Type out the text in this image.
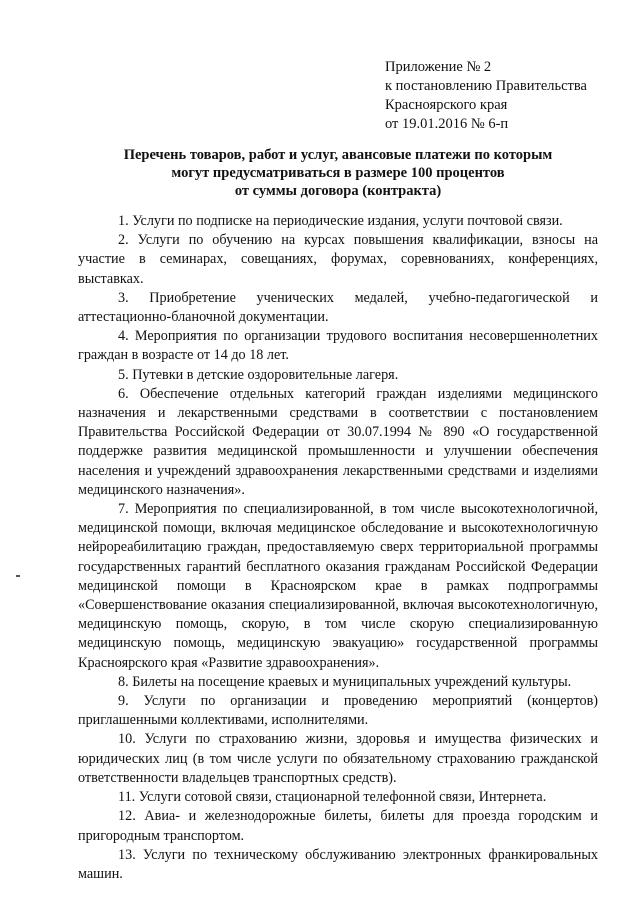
Приложение № 2
к постановлению Правительства
Красноярского края
от 19.01.2016 № 6-п
Перечень товаров, работ и услуг, авансовые платежи по которым
могут предусматриваться в размере 100 процентов
от суммы договора (контракта)

1. Услуги по подписке на периодические издания, услуги почтовой связи.

2. Услуги по обучению на курсах повышения квалификации, взносы на участие в семинарах, совещаниях, форумах, соревнованиях, конференциях, выставках.

3. Приобретение ученических медалей, учебно-педагогической и аттестационно-бланочной документации.

4. Мероприятия по организации трудового воспитания несовершеннолетних граждан в возрасте от 14 до 18 лет.

5. Путевки в детские оздоровительные лагеря.

6. Обеспечение отдельных категорий граждан изделиями медицинского назначения и лекарственными средствами в соответствии с постановлением Правительства Российской Федерации от 30.07.1994 № 890 «О государственной поддержке развития медицинской промышленности и улучшении обеспечения населения и учреждений здравоохранения лекарственными средствами и изделиями медицинского назначения».

7. Мероприятия по специализированной, в том числе высокотехнологичной, медицинской помощи, включая медицинское обследование и высокотехнологичную нейрореабилитацию граждан, предоставляемую сверх территориальной программы государственных гарантий бесплатного оказания гражданам Российской Федерации медицинской помощи в Красноярском крае в рамках подпрограммы «Совершенствование оказания специализированной, включая высокотехнологичную, медицинскую помощь, скорую, в том числе скорую специализированную медицинскую помощь, медицинскую эвакуацию» государственной программы Красноярского края «Развитие здравоохранения».

8. Билеты на посещение краевых и муниципальных учреждений культуры.

9. Услуги по организации и проведению мероприятий (концертов) приглашенными коллективами, исполнителями.

10. Услуги по страхованию жизни, здоровья и имущества физических и юридических лиц (в том числе услуги по обязательному страхованию гражданской ответственности владельцев транспортных средств).

11. Услуги сотовой связи, стационарной телефонной связи, Интернета.

12. Авиа- и железнодорожные билеты, билеты для проезда городским и пригородным транспортом.

13. Услуги по техническому обслуживанию электронных франкировальных машин.
